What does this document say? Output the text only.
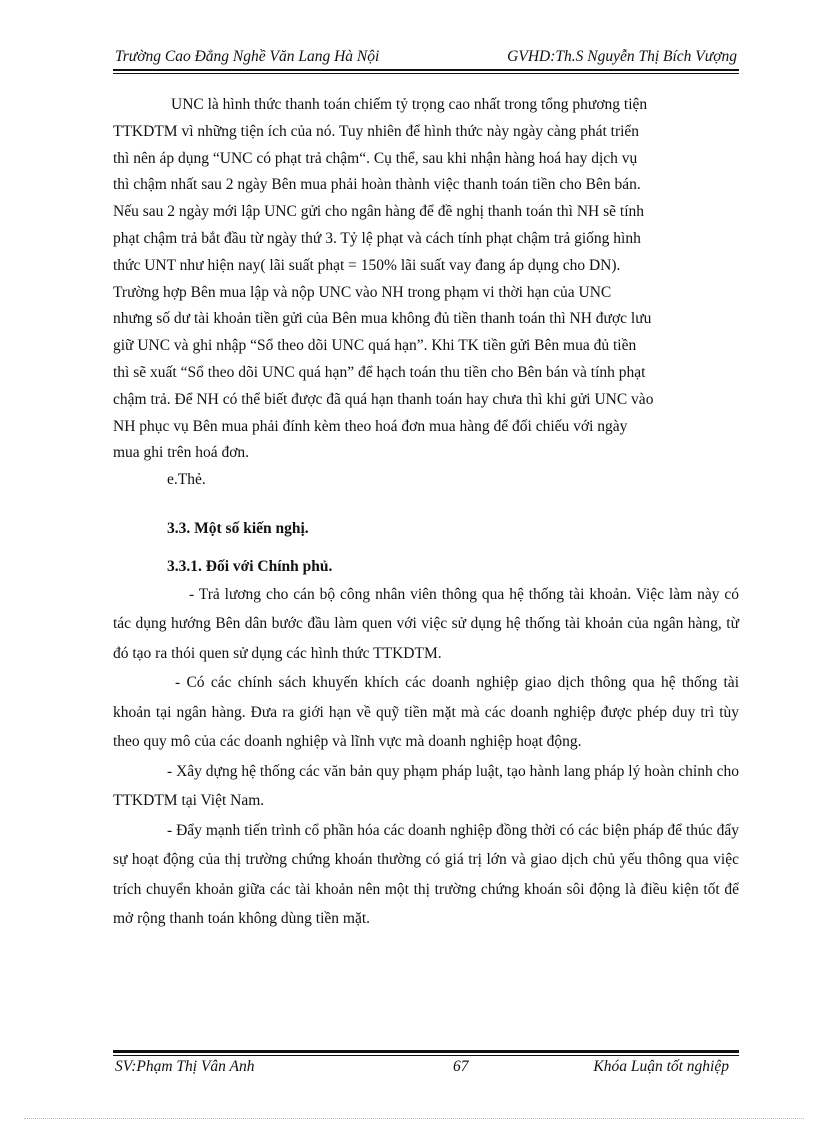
Trường Cao Đẳng Nghề Văn Lang Hà Nội	GVHD:Th.S Nguyễn Thị Bích Vượng

UNC là hình thức thanh toán chiếm tỷ trọng cao nhất trong tổng phương tiện

TTKDTM vì những tiện ích của nó. Tuy nhiên để hình thức này ngày càng phát triển

thì nên áp dụng “UNC có phạt trả chậm“. Cụ thể, sau khi nhận hàng hoá hay dịch vụ

thì chậm nhất sau 2 ngày Bên mua phải hoàn thành việc thanh toán tiền cho Bên bán.

Nếu sau 2 ngày mới lập UNC gửi cho ngân hàng để đề nghị thanh toán thì NH sẽ tính

phạt chậm trả bắt đầu từ ngày thứ 3. Tỷ lệ phạt và cách tính phạt chậm trả giống hình

thức UNT như hiện nay( lãi suất phạt = 150% lãi suất vay đang áp dụng cho DN).

Trường hợp Bên mua lập và nộp UNC vào NH trong phạm vi thời hạn của UNC

nhưng số dư tài khoản tiền gửi của Bên mua không đủ tiền thanh toán thì NH được lưu

giữ UNC và ghi nhập “Sổ theo dõi UNC quá hạn”. Khi TK tiền gửi Bên mua đủ tiền

thì sẽ xuất “Sổ theo dõi UNC quá hạn” để hạch toán thu tiền cho Bên bán và tính phạt

chậm trả. Để NH có thể biết được đã quá hạn thanh toán hay chưa thì khi gửi UNC vào

NH phục vụ Bên mua phải đính kèm theo hoá đơn mua hàng để đối chiếu với ngày

mua ghi trên hoá đơn.

e.Thẻ.

3.3. Một số kiến nghị.

3.3.1. Đối với Chính phủ.

- Trả lương cho cán bộ công nhân viên thông qua hệ thống tài khoản. Việc làm này có tác dụng hướng Bên dân bước đầu làm quen với việc sử dụng hệ thống tài khoản của ngân hàng, từ đó tạo ra thói quen sử dụng các hình thức TTKDTM.

- Có các chính sách khuyến khích các doanh nghiệp giao dịch thông qua hệ thống tài khoản tại ngân hàng. Đưa ra giới hạn về quỹ tiền mặt mà các doanh nghiệp được phép duy trì tùy theo quy mô của các doanh nghiệp và lĩnh vực mà doanh nghiệp hoạt động.

- Xây dựng hệ thống các văn bản quy phạm pháp luật, tạo hành lang pháp lý hoàn chỉnh cho TTKDTM tại Việt Nam.

- Đẩy mạnh tiến trình cổ phần hóa các doanh nghiệp đồng thời có các biện pháp để thúc đẩy sự hoạt động của thị trường chứng khoán thường có giá trị lớn và giao dịch chủ yếu thông qua việc trích chuyển khoản giữa các tài khoản nên một thị trường chứng khoán sôi động là điều kiện tốt để mở rộng thanh toán không dùng tiền mặt.

SV:Phạm Thị Vân Anh	67	Khóa Luận tốt nghiệp
